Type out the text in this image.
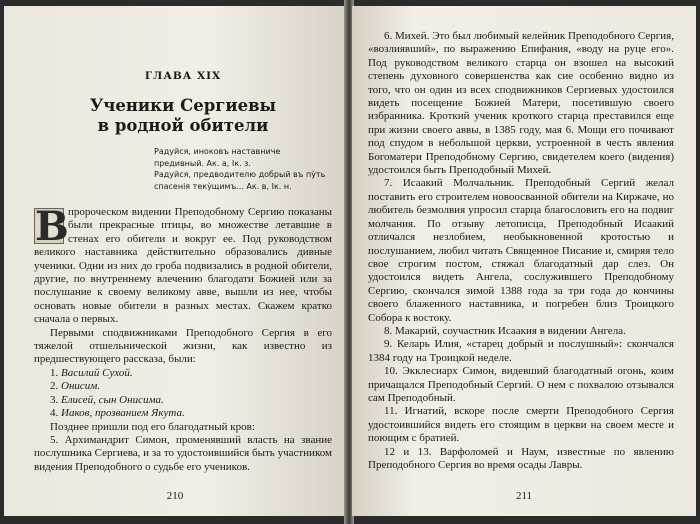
ГЛАВА XIX
Ученики Сергиевы
в родной обители

Радуйся, иноковъ наставниче

предивный. Ак. а, Iк. з.

Радуйся, предводителю добрый въ пу̀ть

спасенiя теку̀щимъ... Ак. в, Iк. н.

В пророческом видении Преподобному Сергию показаны были прекрасные птицы, во множестве летавшие в стенах его обители и вокруг ее. Под руководством великого наставника действительно образовались дивные ученики. Одни из них до гроба подвизались в родной обители, другие, по внутреннему влечению благодати Божией или за послушание к своему великому авве, вышли из нее, чтобы основать новые обители в разных местах. Скажем кратко сначала о первых.

Первыми сподвижниками Преподобного Сергия в его тяжелой отшельнической жизни, как известно из предшествующего рассказа, были:

1. Василий Сухой.

2. Онисим.

3. Елисей, сын Онисима.

4. Иаков, прозванием Якута.

Позднее пришли под его благодатный кров:

5. Архимандрит Симон, променявший власть на звание послушника Сергиева, и за то удостоившийся быть участником видения Преподобного о судьбе его учеников.

210

6. Михей. Это был любимый келейник Преподобного Сергия, «возлиявший», по выражению Епифания, «воду на руце его». Под руководством великого старца он взошел на высокий степень духовного совершенства как сие особенно видно из того, что он один из всех сподвижников Сергиевых удостоился видеть посещение Божией Матери, посетившую своего избранника. Кроткий ученик кроткого старца преставился еще при жизни своего аввы, в 1385 году, мая 6. Мощи его почивают под спудом в небольшой церкви, устроенной в честь явления Богоматери Преподобному Сергию, свидетелем коего (видения) удостоился быть Преподобный Михей.

7. Исаакий Молчальник. Преподобный Сергий желал поставить его строителем новоосванной обители на Киржаче, но любитель безмолвия упросил старца благословить его на подвиг молчания. По отзыву летописца, Преподобный Исаакий отличался незлобием, необыкновенной кротостью и послушанием, любил читать Священное Писание и, смиряя тело свое строгим постом, стяжал благодатный дар слез. Он удостоился видеть Ангела, сослужившего Преподобному Сергию, скончался зимой 1388 года за три года до кончины своего блаженного наставника, и погребен близ Троицкого Собора к востоку.

8. Макарий, соучастник Исаакия в видении Ангела.

9. Келарь Илия, «старец добрый и послушный»: скончался 1384 году на Троицкой неделе.

10. Экклесиарх Симон, видевший благодатный огонь, коим причащался Преподобный Сергий. О нем с похвалою отзывался сам Преподобный.

11. Игнатий, вскоре после смерти Преподобного Сергия удостоившийся видеть его стоящим в церкви на своем месте и поющим с братией.

12 и 13. Варфоломей и Наум, известные по явлению Преподобного Сергия во время осады Лавры.

211
